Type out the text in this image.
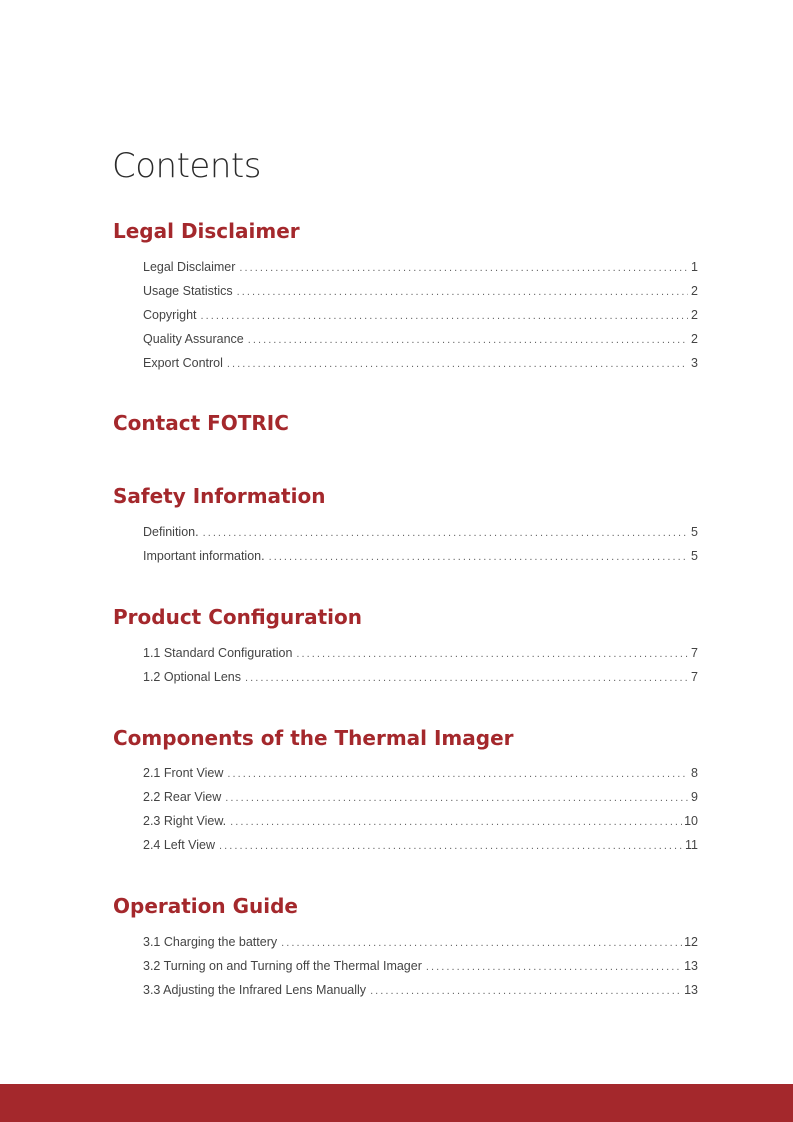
Contents
Legal Disclaimer
Legal Disclaimer . . .	1
Usage Statistics . . .	2
Copyright . . .	2
Quality Assurance . . .	2
Export Control . . .	3
Contact FOTRIC
Safety Information
Definition. . . .	5
Important information. . . .	5
Product Configuration
1.1 Standard Configuration . . .	7
1.2 Optional Lens . . .	7
Components of the Thermal Imager
2.1 Front View . . .	8
2.2 Rear View . . .	9
2.3 Right View. . . .	10
2.4 Left View . . .	11
Operation Guide
3.1 Charging the battery . . .	12
3.2 Turning on and Turning off the Thermal Imager . . .	13
3.3 Adjusting the Infrared Lens Manually . . .	13
